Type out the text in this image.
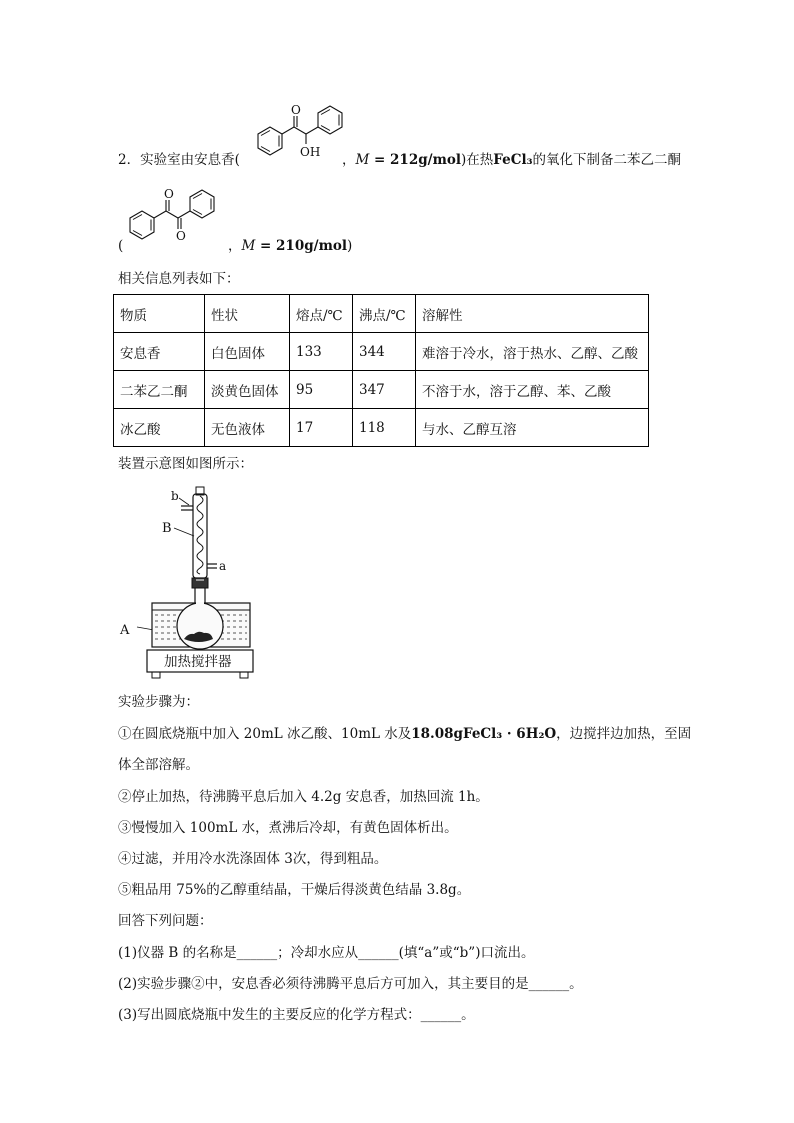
O
OH
O
O
2．实验室由安息香(	，M = 212g/mol)在热FeCl₃的氧化下制备二苯乙二酮
(	，M = 210g/mol)
相关信息列表如下：
物质	性状	熔点/℃	沸点/℃	溶解性
安息香	白色固体	133	344	难溶于冷水，溶于热水、乙醇、乙酸
二苯乙二酮	淡黄色固体	95	347	不溶于水，溶于乙醇、苯、乙酸
冰乙酸	无色液体	17	118	与水、乙醇互溶
装置示意图如图所示：
b
B
a
A
加热搅拌器
实验步骤为：
①在圆底烧瓶中加入 20mL 冰乙酸、10mL 水及18.08gFeCl₃ · 6H₂O，边搅拌边加热，至固
体全部溶解。
②停止加热，待沸腾平息后加入 4.2g 安息香，加热回流 1h。
③慢慢加入 100mL 水，煮沸后冷却，有黄色固体析出。
④过滤，并用冷水洗涤固体 3次，得到粗品。
⑤粗品用 75%的乙醇重结晶，干燥后得淡黄色结晶 3.8g。
回答下列问题：
(1)仪器 B 的名称是______；冷却水应从______(填“a”或“b”)口流出。
(2)实验步骤②中，安息香必须待沸腾平息后方可加入，其主要目的是______。
(3)写出圆底烧瓶中发生的主要反应的化学方程式：______。
